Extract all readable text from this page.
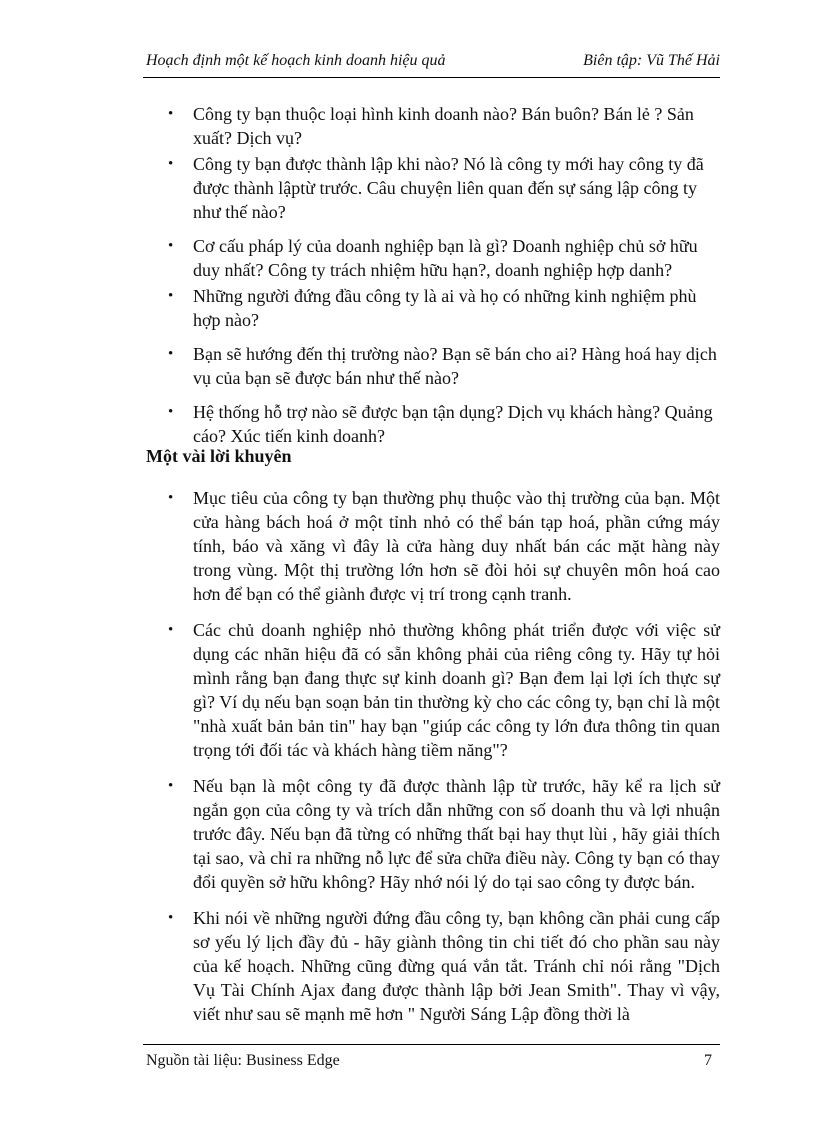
Hoạch định một kế hoạch kinh doanh hiệu quả	Biên tập: Vũ Thế Hải
• Công ty bạn thuộc loại hình kinh doanh nào? Bán buôn? Bán lẻ ? Sản xuất? Dịch vụ?
• Công ty bạn được thành lập khi nào? Nó là công ty mới hay công ty đã được thành lậptừ trước. Câu chuyện liên quan đến sự sáng lập công ty như thế nào?
• Cơ cấu pháp lý của doanh nghiệp bạn là gì? Doanh nghiệp chủ sở hữu duy nhất? Công ty trách nhiệm hữu hạn?, doanh nghiệp hợp danh?
• Những người đứng đầu công ty là ai và họ có những kinh nghiệm phù hợp nào?
• Bạn sẽ hướng đến thị trường nào? Bạn sẽ bán cho ai? Hàng hoá hay dịch vụ của bạn sẽ được bán như thế nào?
• Hệ thống hỗ trợ nào sẽ được bạn tận dụng? Dịch vụ khách hàng? Quảng cáo? Xúc tiến kinh doanh?
Một vài lời khuyên

• Mục tiêu của công ty bạn thường phụ thuộc vào thị trường của bạn. Một cửa hàng bách hoá ở một tỉnh nhỏ có thể bán tạp hoá, phần cứng máy tính, báo và xăng vì đây là cửa hàng duy nhất bán các mặt hàng này trong vùng. Một thị trường lớn hơn sẽ đòi hỏi sự chuyên môn hoá cao hơn để bạn có thể giành được vị trí trong cạnh tranh.

• Các chủ doanh nghiệp nhỏ thường không phát triển được với việc sử dụng các nhãn hiệu đã có sẵn không phải của riêng công ty. Hãy tự hỏi mình rằng bạn đang thực sự kinh doanh gì? Bạn đem lại lợi ích thực sự gì? Ví dụ nếu bạn soạn bản tin thường kỳ cho các công ty, bạn chỉ là một "nhà xuất bản bản tin" hay bạn "giúp các công ty lớn đưa thông tin quan trọng tới đối tác và khách hàng tiềm năng"?

• Nếu bạn là một công ty đã được thành lập từ trước, hãy kể ra lịch sử ngắn gọn của công ty và trích dẫn những con số doanh thu và lợi nhuận trước đây. Nếu bạn đã từng có những thất bại hay thụt lùi , hãy giải thích tại sao, và chỉ ra những nỗ lực để sửa chữa điều này. Công ty bạn có thay đổi quyền sở hữu không? Hãy nhớ nói lý do tại sao công ty được bán.

• Khi nói về những người đứng đầu công ty, bạn không cần phải cung cấp sơ yếu lý lịch đầy đủ - hãy giành thông tin chi tiết đó cho phần sau này của kế hoạch. Những cũng đừng quá vắn tắt. Tránh chỉ nói rằng "Dịch Vụ Tài Chính Ajax đang được thành lập bởi Jean Smith". Thay vì vậy, viết như sau sẽ mạnh mẽ hơn " Người Sáng Lập đồng thời là

Nguồn tài liệu: Business Edge	7
